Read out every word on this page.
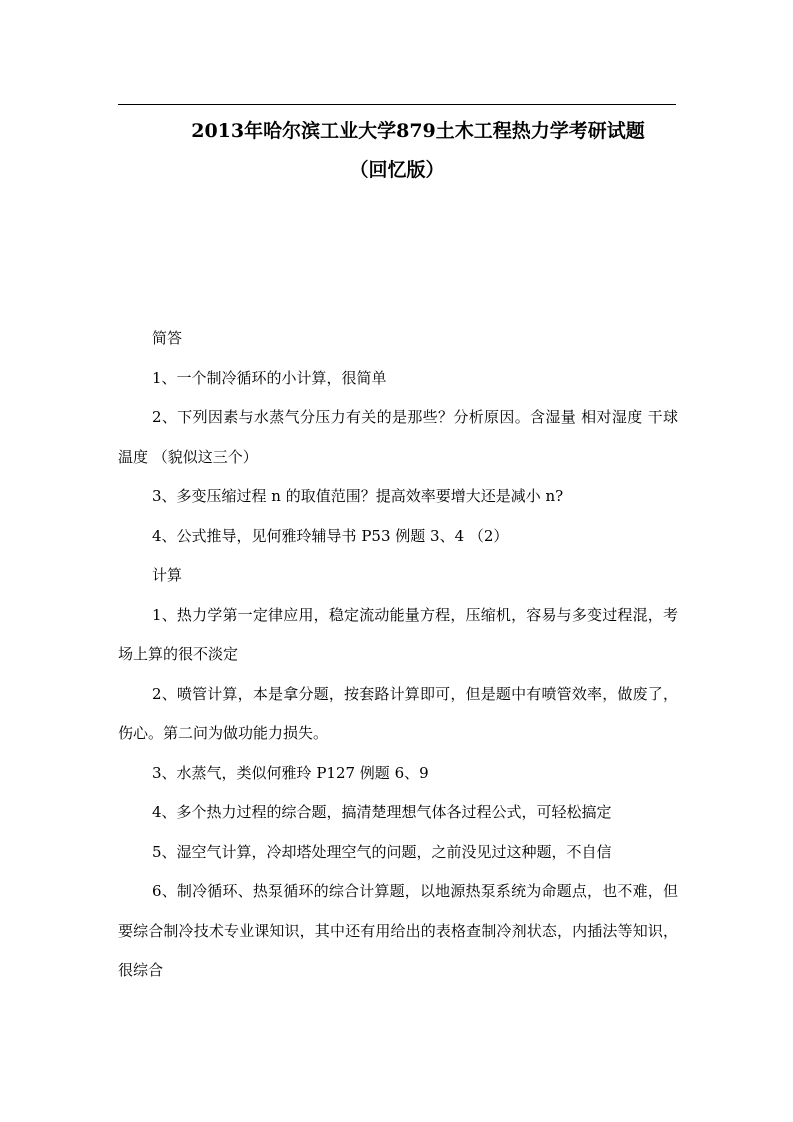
2013年哈尔滨工业大学879土木工程热力学考研试题
（回忆版）

简答

1、一个制冷循环的小计算，很简单

2、下列因素与水蒸气分压力有关的是那些？分析原因。含湿量 相对湿度 干球温度 （貌似这三个）

3、多变压缩过程 n 的取值范围？提高效率要增大还是减小 n?

4、公式推导，见何雅玲辅导书 P53 例题 3、4 （2）

计算

1、热力学第一定律应用，稳定流动能量方程，压缩机，容易与多变过程混，考场上算的很不淡定

2、喷管计算，本是拿分题，按套路计算即可，但是题中有喷管效率，做废了，伤心。第二问为做功能力损失。

3、水蒸气，类似何雅玲 P127 例题 6、9

4、多个热力过程的综合题，搞清楚理想气体各过程公式，可轻松搞定

5、湿空气计算，冷却塔处理空气的问题，之前没见过这种题，不自信

6、制冷循环、热泵循环的综合计算题，以地源热泵系统为命题点，也不难，但要综合制冷技术专业课知识，其中还有用给出的表格查制冷剂状态，内插法等知识，很综合
